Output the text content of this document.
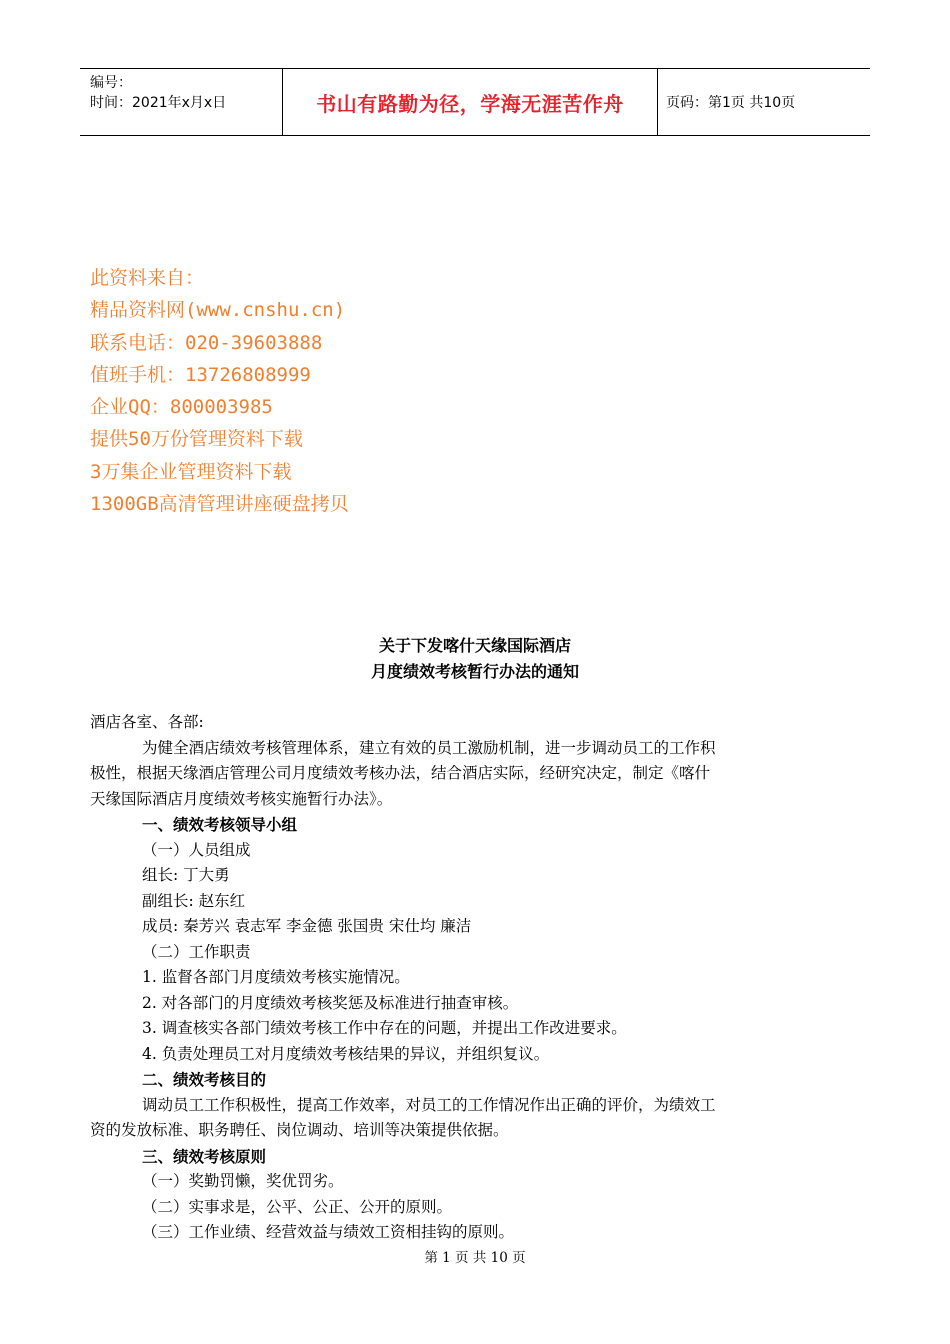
编号：
时间：2021年x月x日	书山有路勤为径，学海无涯苦作舟	页码：第1页 共10页
此资料来自：
精品资料网(www.cnshu.cn)
联系电话：020-39603888
值班手机：13726808999
企业QQ：800003985
提供50万份管理资料下载
3万集企业管理资料下载
1300GB高清管理讲座硬盘拷贝
关于下发喀什天缘国际酒店
月度绩效考核暂行办法的通知
酒店各室、各部:
为健全酒店绩效考核管理体系，建立有效的员工激励机制，进一步调动员工的工作积
极性，根据天缘酒店管理公司月度绩效考核办法，结合酒店实际，经研究决定，制定《喀什
天缘国际酒店月度绩效考核实施暂行办法》。
一、绩效考核领导小组
（一）人员组成
组长: 丁大勇
副组长: 赵东红
成员: 秦芳兴 袁志军 李金德 张国贵 宋仕均 廉洁
（二）工作职责
1. 监督各部门月度绩效考核实施情况。
2. 对各部门的月度绩效考核奖惩及标准进行抽查审核。
3. 调查核实各部门绩效考核工作中存在的问题，并提出工作改进要求。
4. 负责处理员工对月度绩效考核结果的异议，并组织复议。
二、绩效考核目的
调动员工工作积极性，提高工作效率，对员工的工作情况作出正确的评价，为绩效工
资的发放标准、职务聘任、岗位调动、培训等决策提供依据。
三、绩效考核原则
（一）奖勤罚懒，奖优罚劣。
（二）实事求是，公平、公正、公开的原则。
（三）工作业绩、经营效益与绩效工资相挂钩的原则。
第 1 页 共 10 页
